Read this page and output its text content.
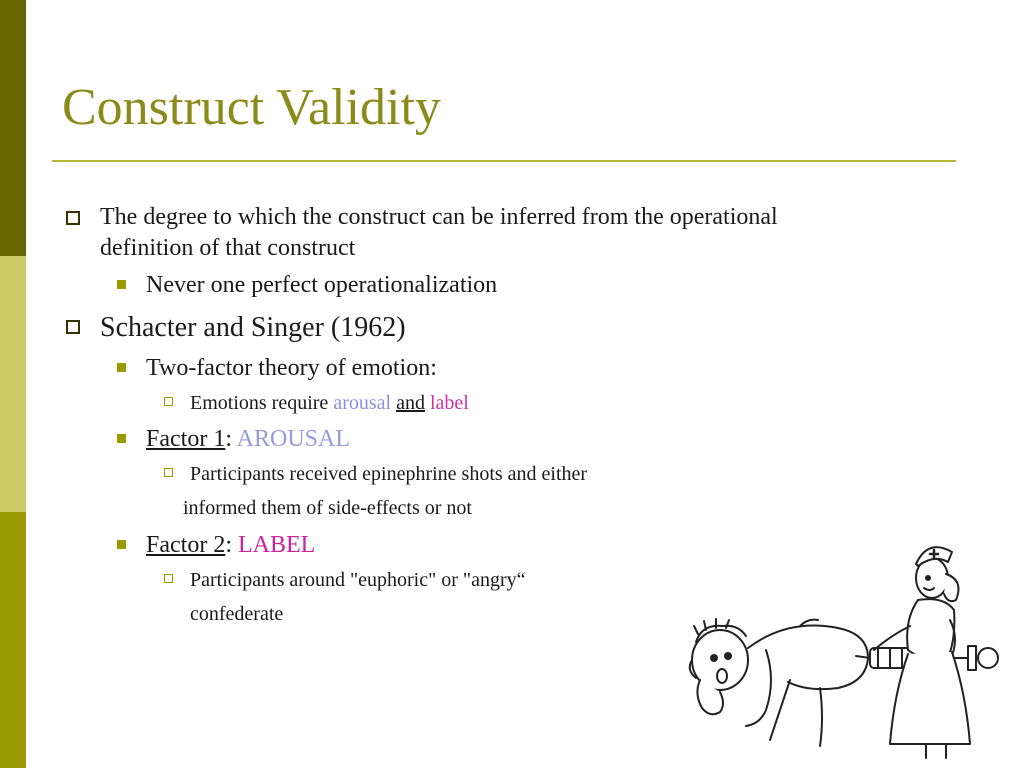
Construct Validity
The degree to which the construct can be inferred from the operational
definition of that construct
Never one perfect operationalization
Schacter and Singer (1962)
Two-factor theory of emotion:
Emotions require arousal and label
Factor 1: AROUSAL
Participants received epinephrine shots and either
informed them of side-effects or not
Factor 2: LABEL
Participants around "euphoric" or "angry“
confederate
